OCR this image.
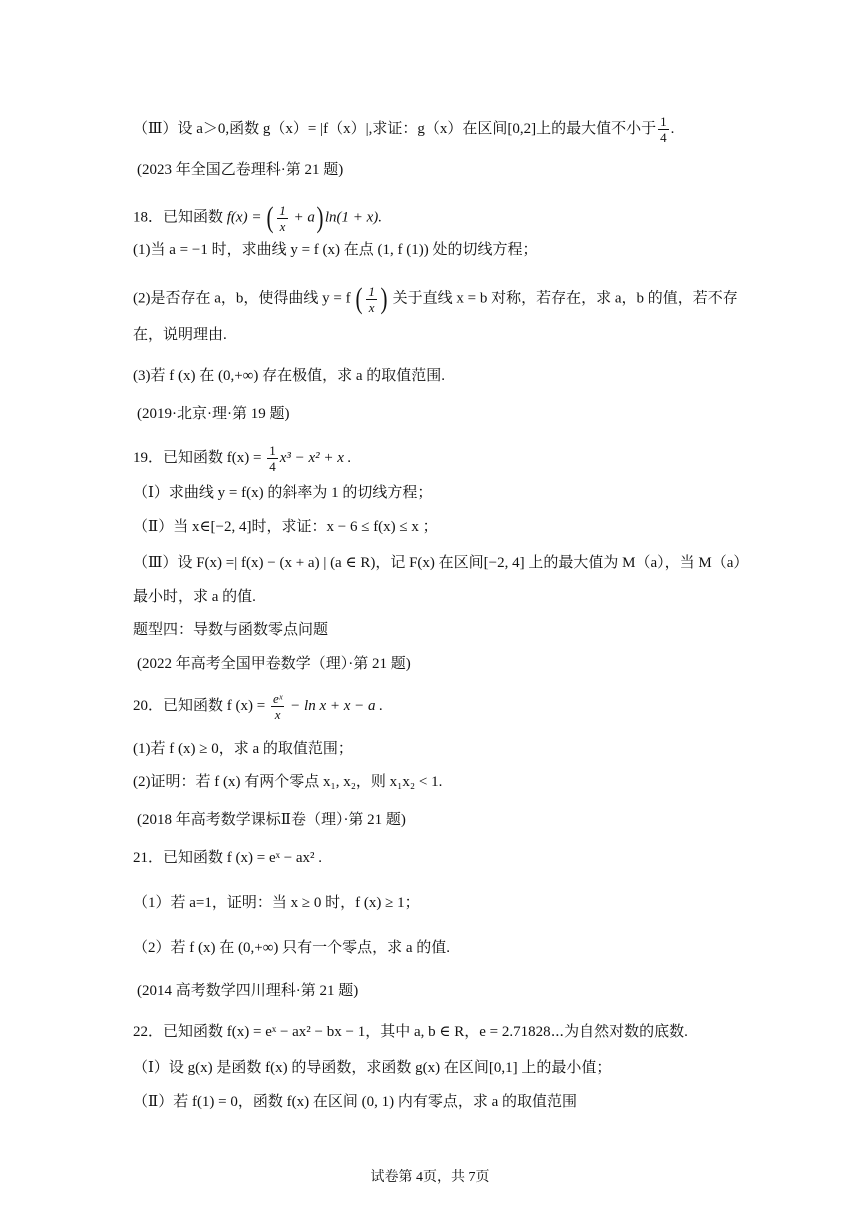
（Ⅲ）设 a＞0,函数 g（x）= |f（x）|,求证：g（x）在区间[0,2]上的最大值不小于 $\frac{1}{4}$ .
(2023 年全国乙卷理科·第 21 题)
18．已知函数 f(x) = ( $\frac{1}{x} + a$) ln(1 + x).
(1)当 a = −1 时，求曲线 y = f (x) 在点 (1, f (1)) 处的切线方程；
(2)是否存在 a，b，使得曲线 y = f ( $\frac{1}{x}$ ) 关于直线 x = b 对称，若存在，求 a，b 的值，若不存
在，说明理由.
(3)若 f (x) 在 (0,+∞) 存在极值，求 a 的取值范围.
(2019·北京·理·第 19 题)
19．已知函数 $f(x) = \frac{1}{4} x^3 - x^2 + x$ .
（Ⅰ）求曲线 y = f(x) 的斜率为 1 的切线方程；
（Ⅱ）当 x∈[−2, 4]时，求证：x − 6 ≤ f(x) ≤ x ；
（Ⅲ）设 F(x) =| f(x) − (x + a) | (a ∈ R)，记 F(x) 在区间[−2, 4] 上的最大值为 M（a），当 M（a）
最小时，求 a 的值.
题型四：导数与函数零点问题
(2022 年高考全国甲卷数学（理）·第 21 题)
20．已知函数 f $(x) = \frac{\text{eˣ}}{x} - \ln x + x - a$ .
(1)若 f (x) ≥ 0，求 a 的取值范围；
(2)证明：若 f (x) 有两个零点 x₁, x₂，则 x₁x₂ < 1.
(2018 年高考数学课标Ⅱ卷（理）·第 21 题)
21．已知函数 f (x) = eˣ − ax² .
（1）若 a=1，证明：当 x ≥ 0 时，f (x) ≥ 1；
（2）若 f (x) 在 (0,+∞) 只有一个零点，求 a 的值.
(2014 高考数学四川理科·第 21 题)
22．已知函数 f(x) = eˣ − ax² − bx − 1，其中 a, b ∈ R，e = 2.71828⋯为自然对数的底数.
（Ⅰ）设 g(x) 是函数 f(x) 的导函数，求函数 g(x) 在区间[0,1] 上的最小值；
（Ⅱ）若 f(1) = 0，函数 f(x) 在区间 (0, 1) 内有零点，求 a 的取值范围
试卷第 4页，共 7页
